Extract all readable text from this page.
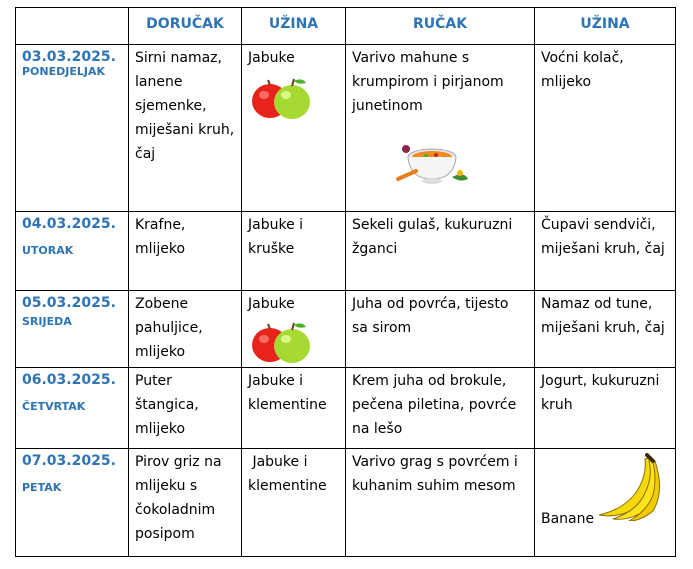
	DORUČAK	UŽINA	RUČAK	UŽINA

03.03.2025.
PONEDJELJAK	Sirni namaz, lanene sjemenke, miješani kruh, čaj	Jabuke	Varivo mahune s krumpirom i pirjanom junetinom	Voćni kolač, mlijeko

04.03.2025.
UTORAK	Krafne, mlijeko	Jabuke i kruške	Sekeli gulaš, kukuruzni žganci	Čupavi sendviči, miješani kruh, čaj

05.03.2025.
SRIJEDA	Zobene pahuljice, mlijeko	Jabuke	Juha od povrća, tijesto sa sirom	Namaz od tune, miješani kruh, čaj

06.03.2025.
ČETVRTAK	Puter štangica, mlijeko	Jabuke i klementine	Krem juha od brokule, pečena piletina, povrće na lešo	Jogurt, kukuruzni kruh

07.03.2025.
PETAK	Pirov griz na mlijeku s čokoladnim posipom	Jabuke i klementine	Varivo grag s povrćem i kuhanim suhim mesom	Banane
